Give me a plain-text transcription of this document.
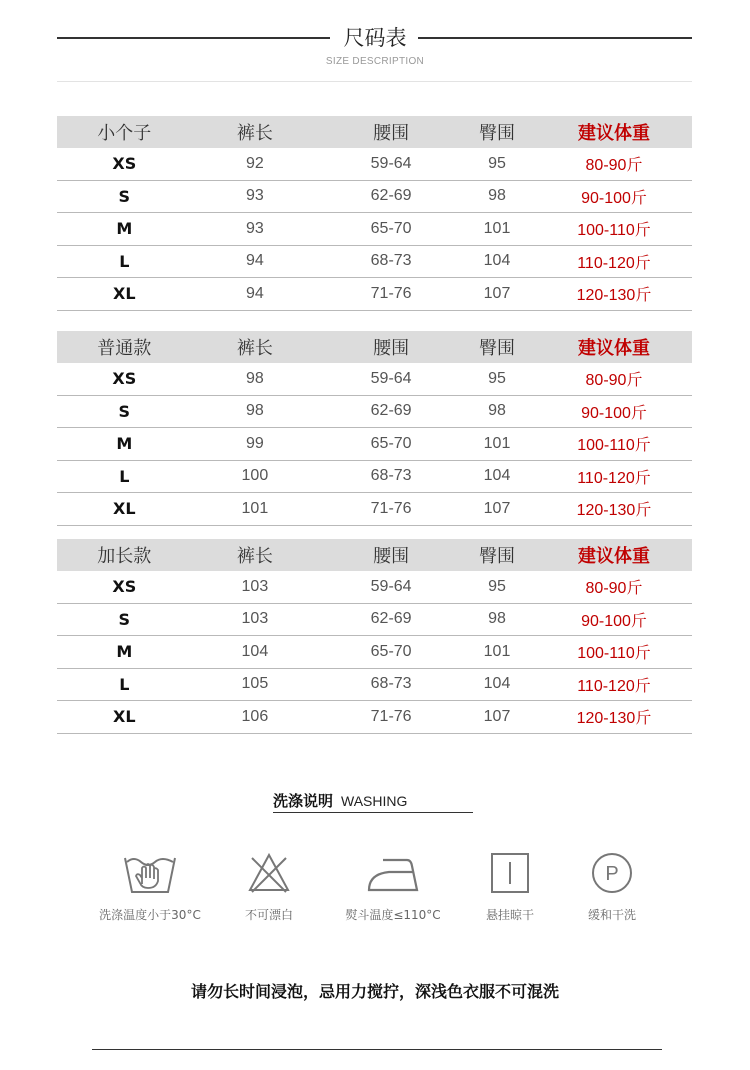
尺码表
SIZE DESCRIPTION
小个子	裤长	腰围	臀围	建议体重
XS	92	59-64	95	80-90斤
S	93	62-69	98	90-100斤
M	93	65-70	101	100-110斤
L	94	68-73	104	110-120斤
XL	94	71-76	107	120-130斤
普通款	裤长	腰围	臀围	建议体重
XS	98	59-64	95	80-90斤
S	98	62-69	98	90-100斤
M	99	65-70	101	100-110斤
L	100	68-73	104	110-120斤
XL	101	71-76	107	120-130斤
加长款	裤长	腰围	臀围	建议体重
XS	103	59-64	95	80-90斤
S	103	62-69	98	90-100斤
M	104	65-70	101	100-110斤
L	105	68-73	104	110-120斤
XL	106	71-76	107	120-130斤
洗涤说明 WASHING
洗涤温度小于30°C	不可漂白	熨斗温度≤110°C	悬挂晾干
P
缓和干洗
请勿长时间浸泡，忌用力搅拧，深浅色衣服不可混洗
